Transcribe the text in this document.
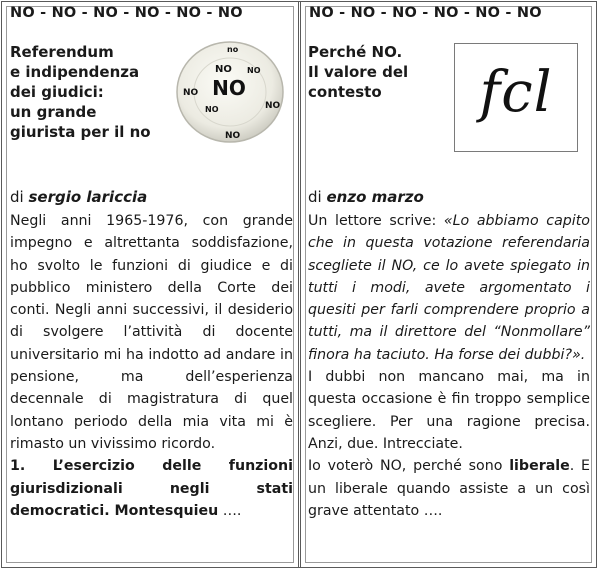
NO - NO - NO - NO - NO - NO
Referendum
e indipendenza
dei giudici:
un grande
giurista per il no
NO
NO
NO
NO
NO
NO
no
NO
di sergio lariccia

Negli anni 1965-1976, con grande impegno e altrettanta soddisfazione, ho svolto le funzioni di giudice e di pubblico ministero della Corte dei conti. Negli anni successivi, il desiderio di svolgere l’attività di docente universitario mi ha indotto ad andare in pensione, ma dell’esperienza decennale di magistratura di quel lontano periodo della mia vita mi è rimasto un vivissimo ricordo.

1. L’esercizio delle funzioni giurisdizionali negli stati democratici. Montesquieu ….

NO - NO - NO - NO - NO - NO
Perché NO.
Il valore del
contesto	fcl
di enzo marzo

Un lettore scrive: «Lo abbiamo capito che in questa votazione referendaria scegliete il NO, ce lo avete spiegato in tutti i modi, avete argomentato i quesiti per farli comprendere proprio a tutti, ma il direttore del “Nonmollare” finora ha taciuto. Ha forse dei dubbi?».

I dubbi non mancano mai, ma in questa occasione è fin troppo semplice scegliere. Per una ragione precisa. Anzi, due. Intrecciate.

Io voterò NO, perché sono liberale. E un liberale quando assiste a un così grave attentato ….
